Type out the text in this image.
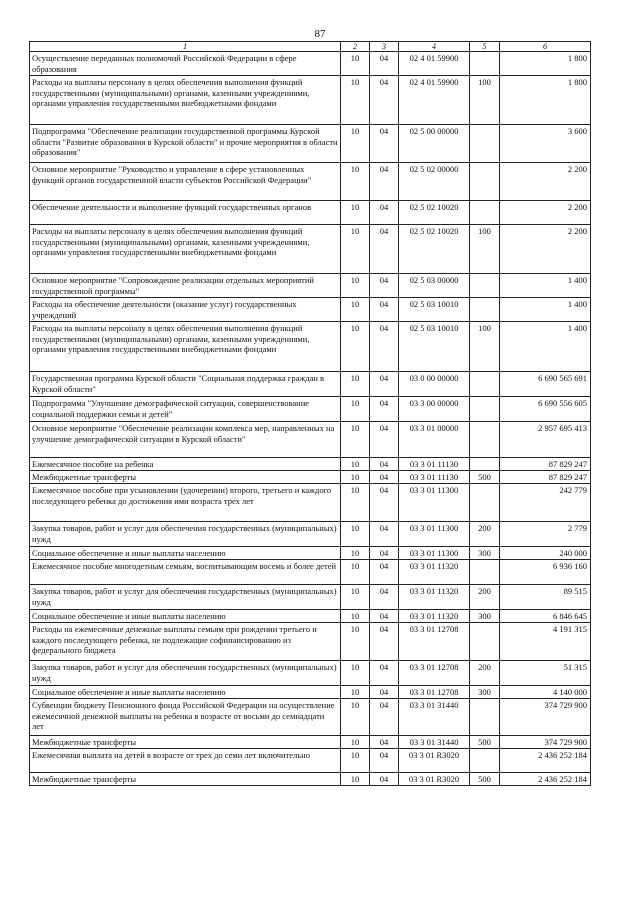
87
1	2	3	4	5	6
Осуществление переданных полномочий Российской Федерации в сфере образования	10	04	02 4 01 59900		1 800
Расходы на выплаты персоналу в целях обеспечения выполнения функций государственными (муниципальными) органами, казенными учреждениями, органами управления государственными внебюджетными фондами	10	04	02 4 01 59900	100	1 800
Подпрограмма "Обеспечение реализации государственной программы Курской области "Развитие образования в Курской области" и прочие мероприятия в области образования"	10	04	02 5 00 00000		3 600
Основное мероприятие "Руководство и управление в сфере установленных функций органов государственной власти субъектов Российской Федерации"	10	04	02 5 02 00000		2 200
Обеспечение деятельности и выполнение функций государственных органов	10	04	02 5 02 10020		2 200
Расходы на выплаты персоналу в целях обеспечения выполнения функций государственными (муниципальными) органами, казенными учреждениями, органами управления государственными внебюджетными фондами	10	04	02 5 02 10020	100	2 200
Основное мероприятие "Сопровождение реализации отдельных мероприятий государственной программы"	10	04	02 5 03 00000		1 400
Расходы на обеспечение деятельности (оказание услуг) государственных учреждений	10	04	02 5 03 10010		1 400
Расходы на выплаты персоналу в целях обеспечения выполнения функций государственными (муниципальными) органами, казенными учреждениями, органами управления государственными внебюджетными фондами	10	04	02 5 03 10010	100	1 400
Государственная программа Курской области "Социальная поддержка граждан в Курской области"	10	04	03 0 00 00000		6 690 565 691
Подпрограмма "Улучшение демографической ситуации, совершенствование социальной поддержки семьи и детей"	10	04	03 3 00 00000		6 690 556 605
Основное мероприятие "Обеспечение реализации комплекса мер, направленных на улучшение демографической ситуации в Курской области"	10	04	03 3 01 00000		2 957 695 413
Ежемесячное пособие на ребенка	10	04	03 3 01 11130		87 829 247
Межбюджетные трансферты	10	04	03 3 01 11130	500	87 829 247
Ежемесячное пособие при усыновлении (удочерении) второго, третьего и каждого последующего ребенка до достижения ими возраста трех лет	10	04	03 3 01 11300		242 779
Закупка товаров, работ и услуг для обеспечения государственных (муниципальных) нужд	10	04	03 3 01 11300	200	2 779
Социальное обеспечение и иные выплаты населению	10	04	03 3 01 11300	300	240 000
Ежемесячное пособие многодетным семьям, воспитывающим восемь и более детей	10	04	03 3 01 11320		6 936 160
Закупка товаров, работ и услуг для обеспечения государственных (муниципальных) нужд	10	04	03 3 01 11320	200	89 515
Социальное обеспечение и иные выплаты населению	10	04	03 3 01 11320	300	6 846 645
Расходы на ежемесячные денежные выплаты семьям при рождении третьего и каждого последующего ребенка, не подлежащие софинансированию из федерального бюджета	10	04	03 3 01 12708		4 191 315
Закупка товаров, работ и услуг для обеспечения государственных (муниципальных) нужд	10	04	03 3 01 12708	200	51 315
Социальное обеспечение и иные выплаты населению	10	04	03 3 01 12708	300	4 140 000
Субвенции бюджету Пенсионного фонда Российской Федерации на осуществление ежемесячной денежной выплаты на ребенка в возрасте от восьми до семнадцати лет	10	04	03 3 01 31440		374 729 900
Межбюджетные трансферты	10	04	03 3 01 31440	500	374 729 900
Ежемесячная выплата на детей в возрасте от трех до семи лет включительно	10	04	03 3 01 R3020		2 436 252 184
Межбюджетные трансферты	10	04	03 3 01 R3020	500	2 436 252 184
